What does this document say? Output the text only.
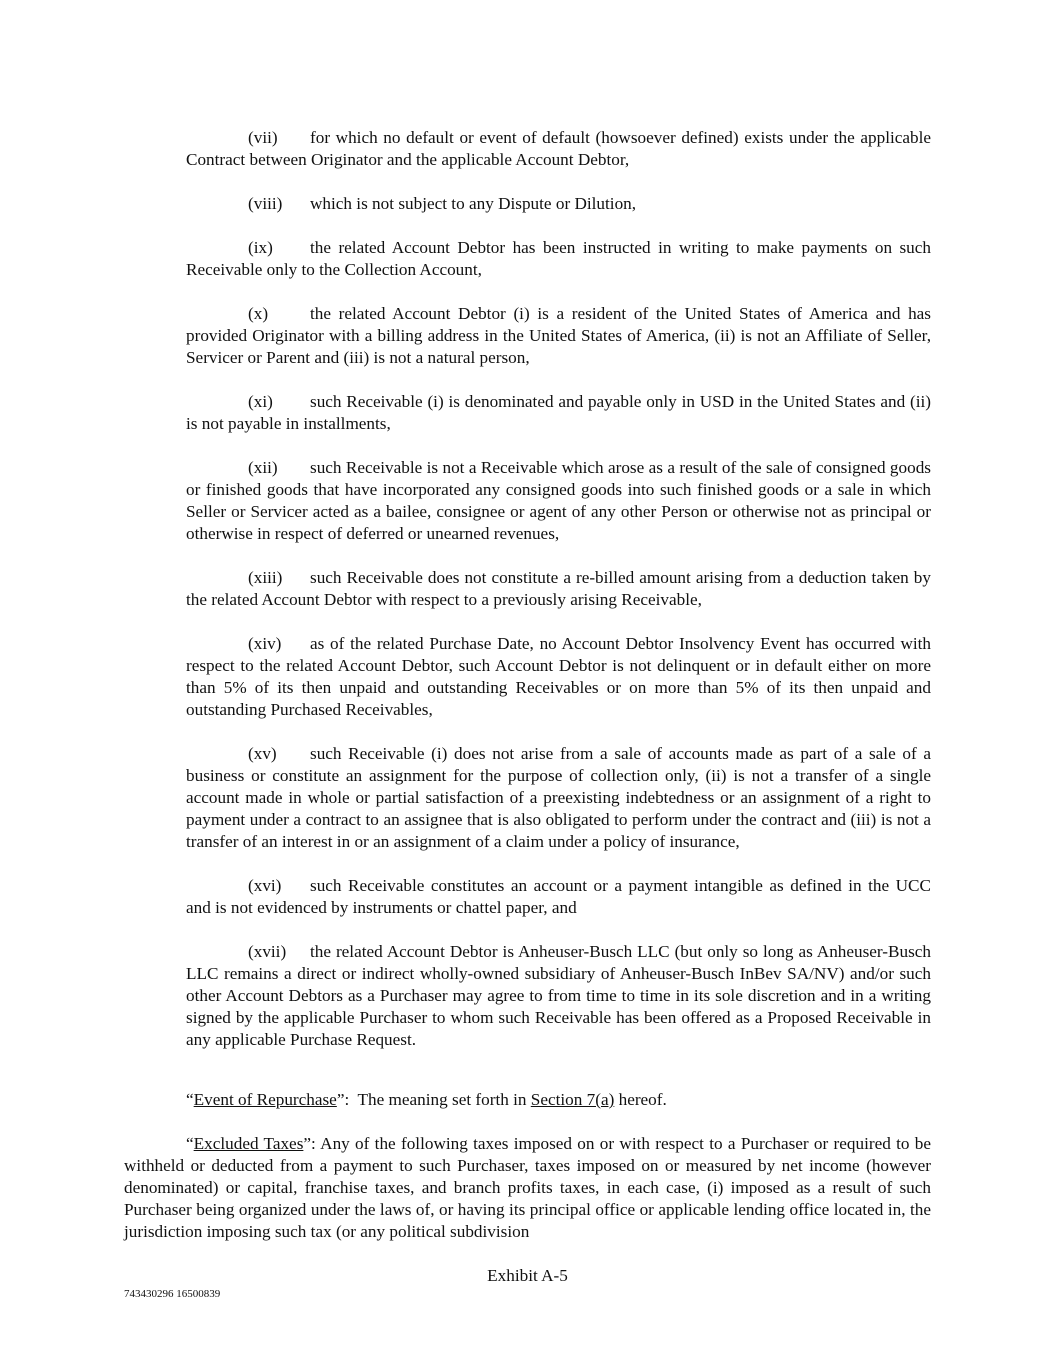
(vii) for which no default or event of default (howsoever defined) exists under the applicable Contract between Originator and the applicable Account Debtor,

(viii) which is not subject to any Dispute or Dilution,

(ix) the related Account Debtor has been instructed in writing to make payments on such Receivable only to the Collection Account,

(x) the related Account Debtor (i) is a resident of the United States of America and has provided Originator with a billing address in the United States of America, (ii) is not an Affiliate of Seller, Servicer or Parent and (iii) is not a natural person,

(xi) such Receivable (i) is denominated and payable only in USD in the United States and (ii) is not payable in installments,

(xii) such Receivable is not a Receivable which arose as a result of the sale of consigned goods or finished goods that have incorporated any consigned goods into such finished goods or a sale in which Seller or Servicer acted as a bailee, consignee or agent of any other Person or otherwise not as principal or otherwise in respect of deferred or unearned revenues,

(xiii) such Receivable does not constitute a re-billed amount arising from a deduction taken by the related Account Debtor with respect to a previously arising Receivable,

(xiv) as of the related Purchase Date, no Account Debtor Insolvency Event has occurred with respect to the related Account Debtor, such Account Debtor is not delinquent or in default either on more than 5% of its then unpaid and outstanding Receivables or on more than 5% of its then unpaid and outstanding Purchased Receivables,

(xv) such Receivable (i) does not arise from a sale of accounts made as part of a sale of a business or constitute an assignment for the purpose of collection only, (ii) is not a transfer of a single account made in whole or partial satisfaction of a preexisting indebtedness or an assignment of a right to payment under a contract to an assignee that is also obligated to perform under the contract and (iii) is not a transfer of an interest in or an assignment of a claim under a policy of insurance,

(xvi) such Receivable constitutes an account or a payment intangible as defined in the UCC and is not evidenced by instruments or chattel paper, and

(xvii) the related Account Debtor is Anheuser-Busch LLC (but only so long as Anheuser-Busch LLC remains a direct or indirect wholly-owned subsidiary of Anheuser-Busch InBev SA/NV) and/or such other Account Debtors as a Purchaser may agree to from time to time in its sole discretion and in a writing signed by the applicable Purchaser to whom such Receivable has been offered as a Proposed Receivable in any applicable Purchase Request.

“Event of Repurchase”:  The meaning set forth in Section 7(a) hereof.

“Excluded Taxes”: Any of the following taxes imposed on or with respect to a Purchaser or required to be withheld or deducted from a payment to such Purchaser, taxes imposed on or measured by net income (however denominated) or capital, franchise taxes, and branch profits taxes, in each case, (i) imposed as a result of such Purchaser being organized under the laws of, or having its principal office or applicable lending office located in, the jurisdiction imposing such tax (or any political subdivision

Exhibit A-5
743430296 16500839
